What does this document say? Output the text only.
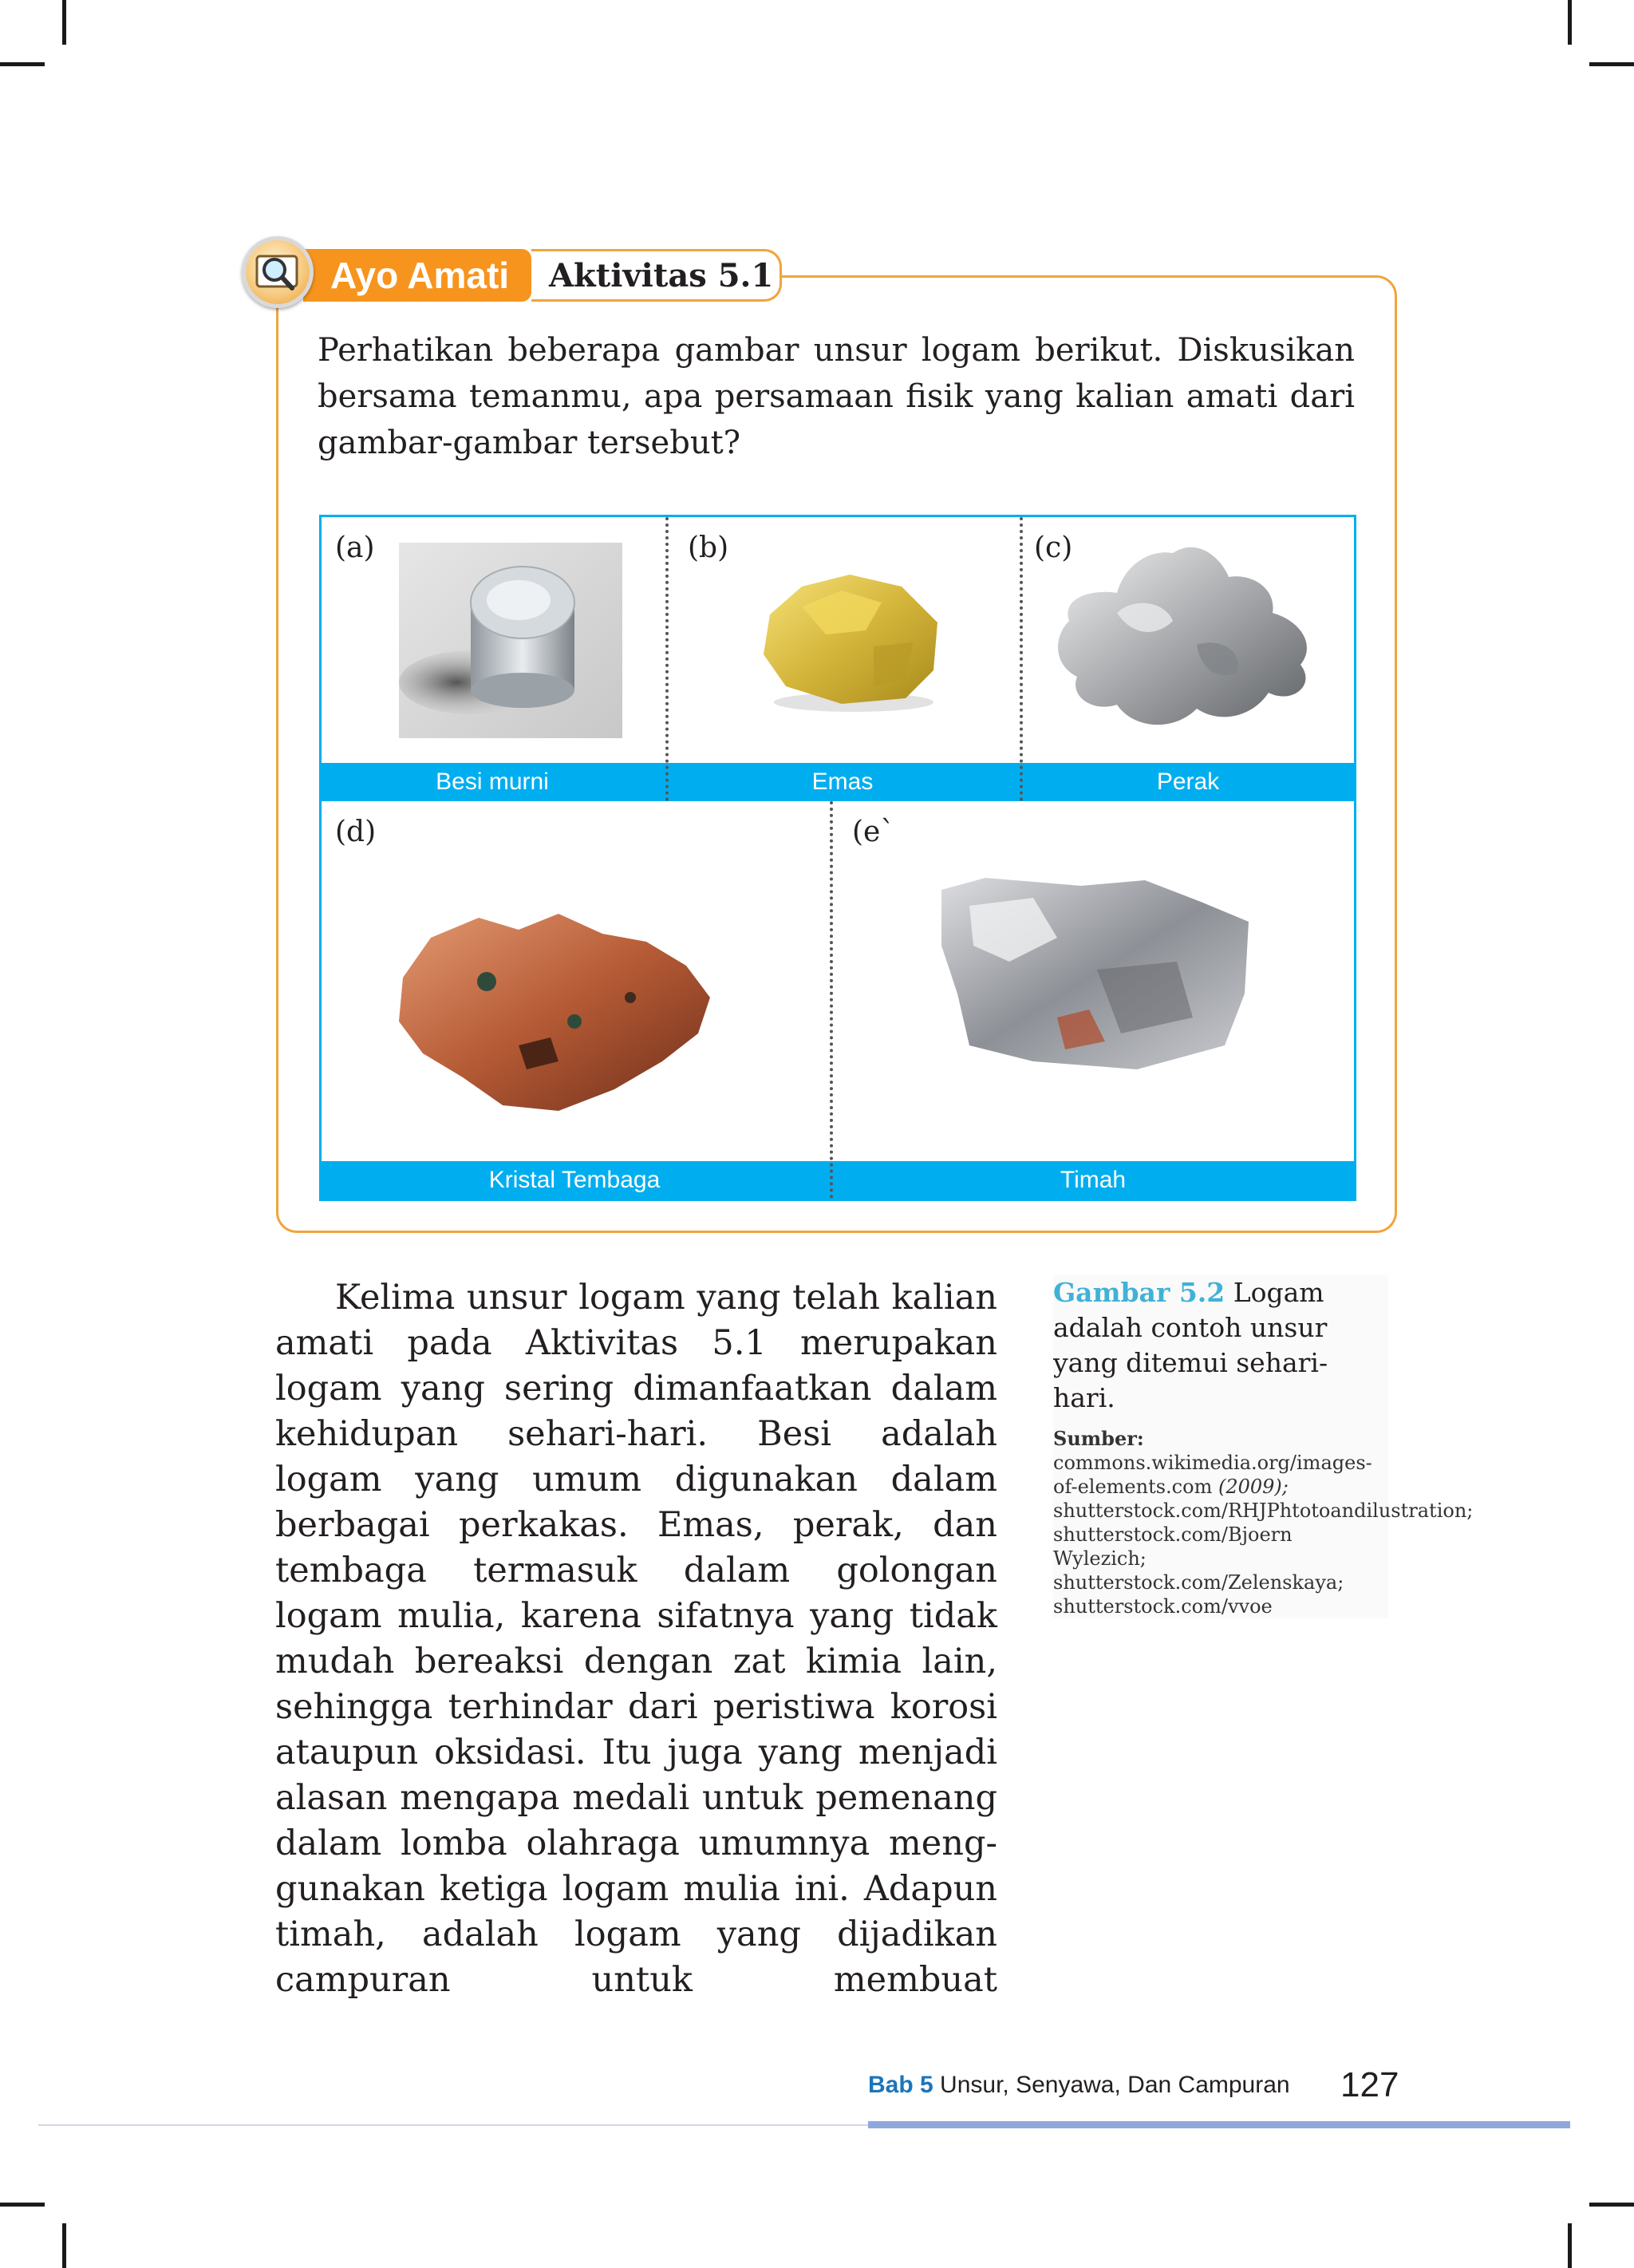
Ayo Amati	Aktivitas 5.1
Perhatikan beberapa gambar unsur logam berikut. Diskusikan bersama temanmu, apa persamaan fisik yang kalian amati dari gambar-gambar tersebut?
(a)	(b)	(c)
(d)	(e`
Besi murni	Emas	Perak
Kristal Tembaga	Timah

Kelima unsur logam yang telah kalian amati pada Aktivitas 5.1 merupakan logam yang sering dimanfaatkan dalam kehidupan sehari-hari. Besi adalah logam yang umum digunakan dalam berbagai perkakas. Emas, perak, dan tembaga termasuk dalam golongan logam mulia, karena sifatnya yang tidak mudah bereaksi dengan zat kimia lain, sehingga terhindar dari peristiwa korosi ataupun oksidasi. Itu juga yang menjadi alasan mengapa medali untuk pemenang dalam lomba olahraga umumnya meng-gunakan ketiga logam mulia ini. Adapun timah, adalah logam yang dijadikan campuran untuk membuat

Gambar 5.2 Logam adalah contoh unsur yang ditemui sehari-hari.

Sumber: commons.wikimedia.org/images-of-elements.com (2009); shutterstock.com/RHJPhtotoandilustration; shutterstock.com/Bjoern Wylezich; shutterstock.com/Zelenskaya; shutterstock.com/vvoe
Bab 5 Unsur, Senyawa, Dan Campuran 127
